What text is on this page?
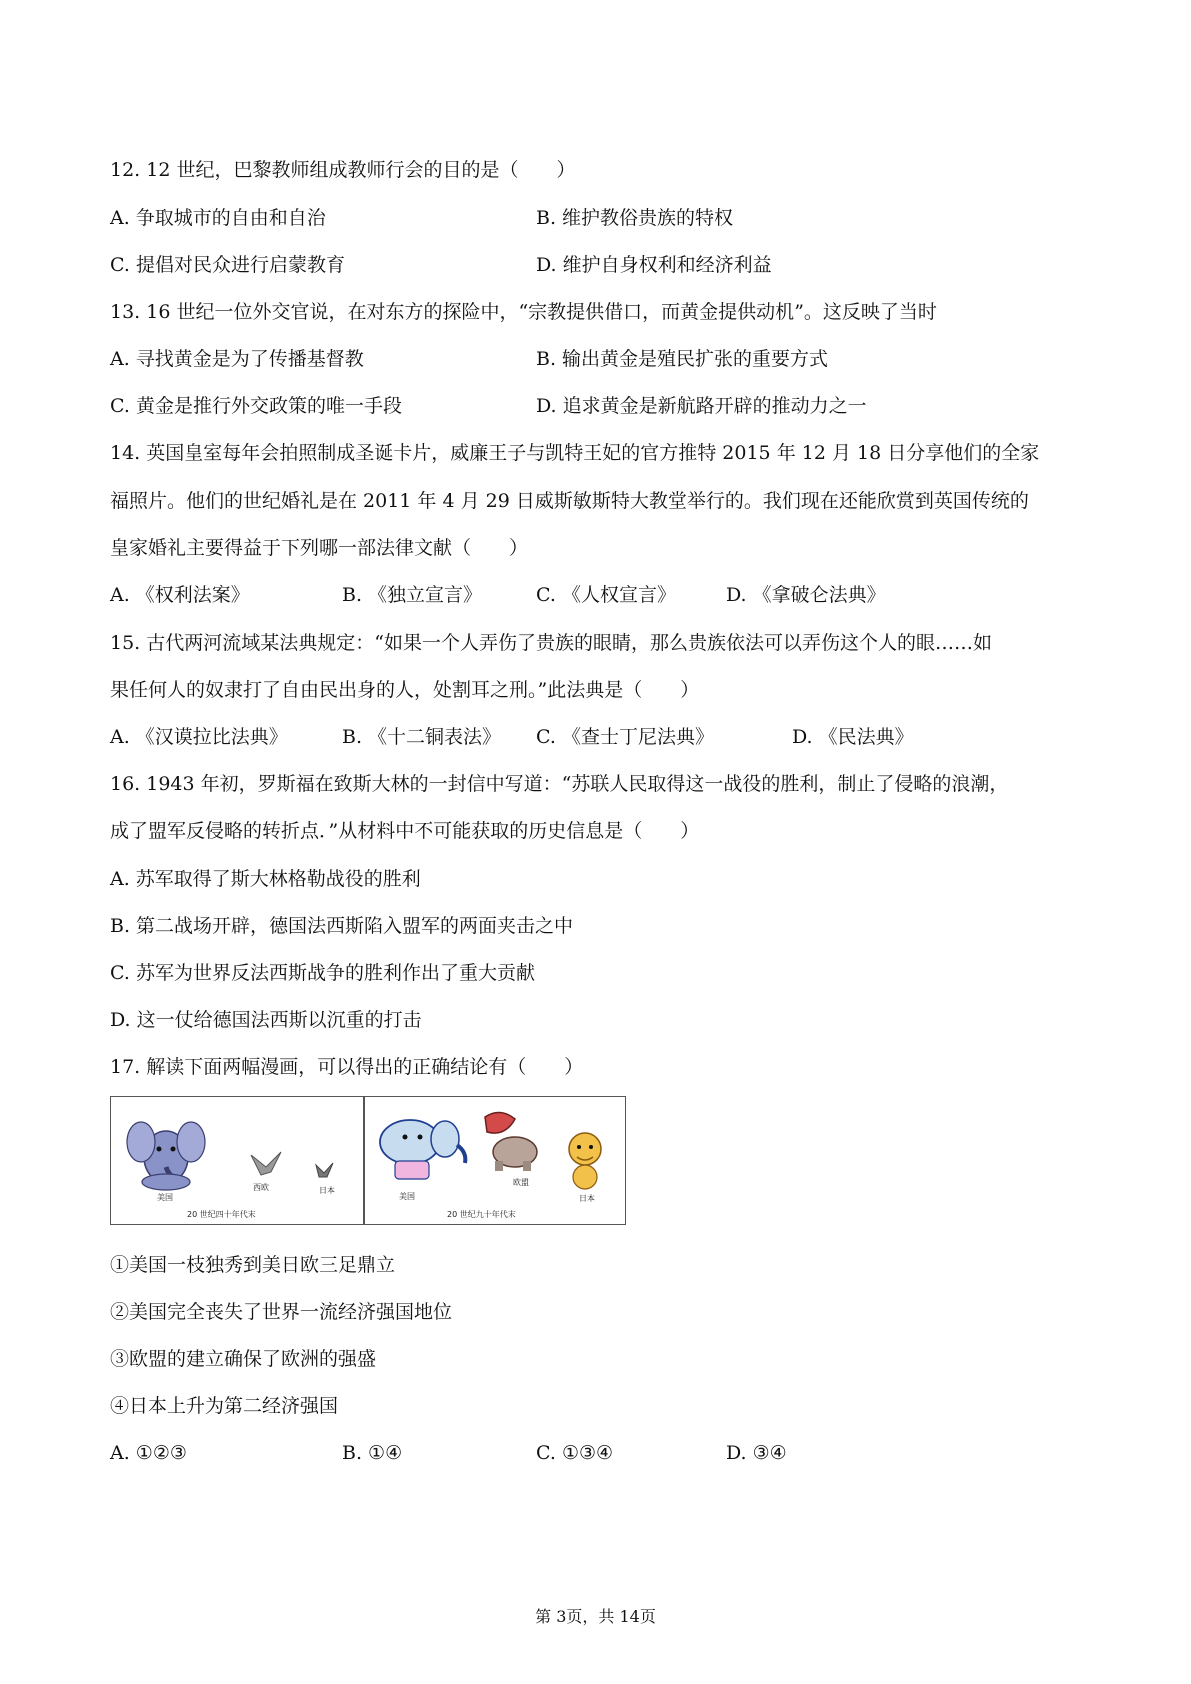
12. 12 世纪，巴黎教师组成教师行会的目的是（　　）
A. 争取城市的自由和自治	B. 维护教俗贵族的特权
C. 提倡对民众进行启蒙教育	D. 维护自身权利和经济利益
13. 16 世纪一位外交官说，在对东方的探险中，“宗教提供借口，而黄金提供动机”。这反映了当时
A. 寻找黄金是为了传播基督教	B. 输出黄金是殖民扩张的重要方式
C. 黄金是推行外交政策的唯一手段	D. 追求黄金是新航路开辟的推动力之一
14. 英国皇室每年会拍照制成圣诞卡片，威廉王子与凯特王妃的官方推特 2015 年 12 月 18 日分享他们的全家
福照片。他们的世纪婚礼是在 2011 年 4 月 29 日威斯敏斯特大教堂举行的。我们现在还能欣赏到英国传统的
皇家婚礼主要得益于下列哪一部法律文献（　　）
A. 《权利法案》	B. 《独立宣言》	C. 《人权宣言》	D. 《拿破仑法典》
15. 古代两河流域某法典规定：“如果一个人弄伤了贵族的眼睛，那么贵族依法可以弄伤这个人的眼……如
果任何人的奴隶打了自由民出身的人，处割耳之刑。”此法典是（　　）
A. 《汉谟拉比法典》	B. 《十二铜表法》 C. 《查士丁尼法典》	D. 《民法典》
16. 1943 年初，罗斯福在致斯大林的一封信中写道：“苏联人民取得这一战役的胜利，制止了侵略的浪潮，
成了盟军反侵略的转折点．”从材料中不可能获取的历史信息是（　　）
A. 苏军取得了斯大林格勒战役的胜利
B. 第二战场开辟，德国法西斯陷入盟军的两面夹击之中
C. 苏军为世界反法西斯战争的胜利作出了重大贡献
D. 这一仗给德国法西斯以沉重的打击
17. 解读下面两幅漫画，可以得出的正确结论有（　　）
美国
西欧	日本
20 世纪四十年代末
美国
欧盟
日本
20 世纪九十年代末
①美国一枝独秀到美日欧三足鼎立
②美国完全丧失了世界一流经济强国地位
③欧盟的建立确保了欧洲的强盛
④日本上升为第二经济强国
A. ①②③	B. ①④	C. ①③④	D. ③④
第 3页，共 14页
